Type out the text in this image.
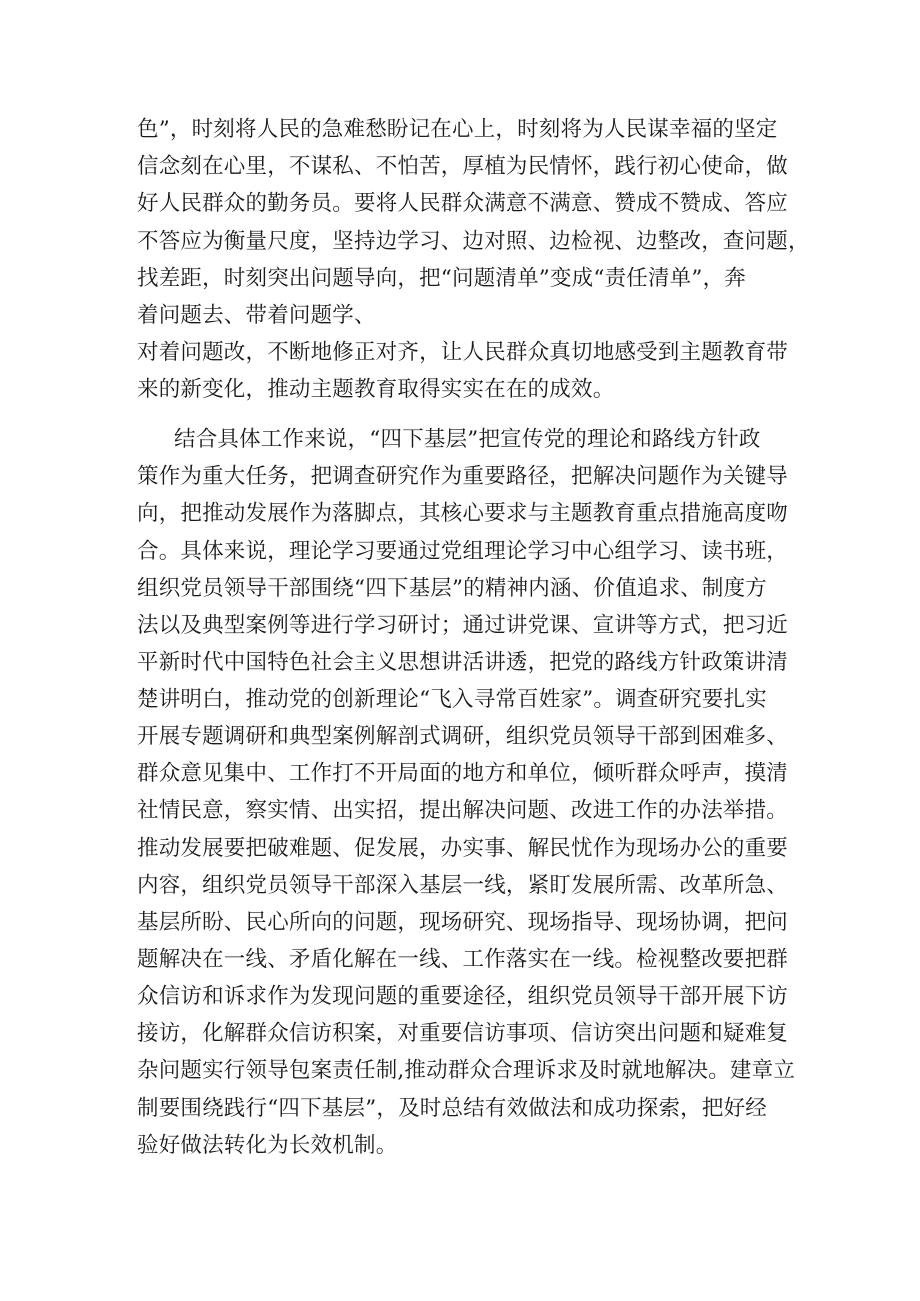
色”，时刻将人民的急难愁盼记在心上，时刻将为人民谋幸福的坚定
信念刻在心里，不谋私、不怕苦，厚植为民情怀，践行初心使命，做
好人民群众的勤务员。要将人民群众满意不满意、赞成不赞成、答应
不答应为衡量尺度，坚持边学习、边对照、边检视、边整改，查问题，
找差距，时刻突出问题导向，把“问题清单”变成“责任清单”，奔
着问题去、带着问题学、
对着问题改，不断地修正对齐，让人民群众真切地感受到主题教育带
来的新变化，推动主题教育取得实实在在的成效。
结合具体工作来说，“四下基层”把宣传党的理论和路线方针政
策作为重大任务，把调查研究作为重要路径，把解决问题作为关键导
向，把推动发展作为落脚点，其核心要求与主题教育重点措施高度吻
合。具体来说，理论学习要通过党组理论学习中心组学习、读书班，
组织党员领导干部围绕“四下基层”的精神内涵、价值追求、制度方
法以及典型案例等进行学习研讨；通过讲党课、宣讲等方式，把习近
平新时代中国特色社会主义思想讲活讲透，把党的路线方针政策讲清
楚讲明白，推动党的创新理论“飞入寻常百姓家”。调查研究要扎实
开展专题调研和典型案例解剖式调研，组织党员领导干部到困难多、
群众意见集中、工作打不开局面的地方和单位，倾听群众呼声，摸清
社情民意，察实情、出实招，提出解决问题、改进工作的办法举措。
推动发展要把破难题、促发展，办实事、解民忧作为现场办公的重要
内容，组织党员领导干部深入基层一线，紧盯发展所需、改革所急、
基层所盼、民心所向的问题，现场研究、现场指导、现场协调，把问
题解决在一线、矛盾化解在一线、工作落实在一线。检视整改要把群
众信访和诉求作为发现问题的重要途径，组织党员领导干部开展下访
接访，化解群众信访积案，对重要信访事项、信访突出问题和疑难复
杂问题实行领导包案责任制,推动群众合理诉求及时就地解决。建章立
制要围绕践行“四下基层”，及时总结有效做法和成功探索，把好经
验好做法转化为长效机制。
